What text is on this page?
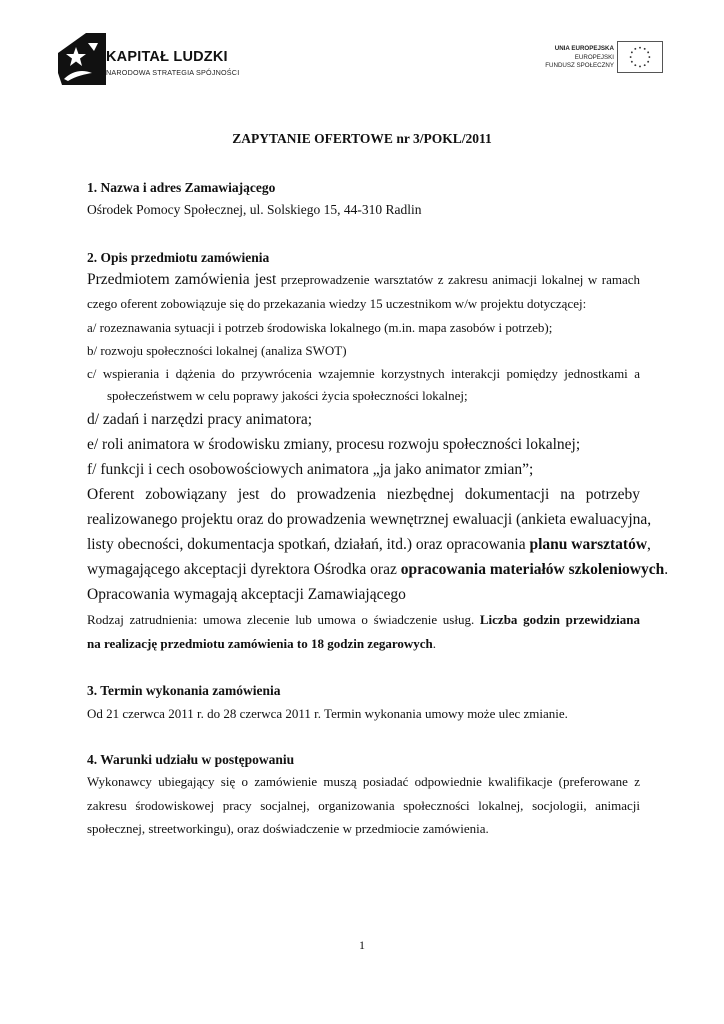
KAPITAŁ LUDZKI
NARODOWA STRATEGIA SPÓJNOŚCI
UNIA EUROPEJSKA
EUROPEJSKI
FUNDUSZ SPOŁECZNY
ZAPYTANIE OFERTOWE nr 3/POKL/2011
1. Nazwa i adres Zamawiającego
Ośrodek Pomocy Społecznej, ul. Solskiego 15, 44-310 Radlin
2. Opis przedmiotu zamówienia
Przedmiotem zamówienia jest przeprowadzenie warsztatów z zakresu animacji lokalnej w ramach
czego oferent zobowiązuje się do przekazania wiedzy 15 uczestnikom w/w projektu dotyczącej:
a/ rozeznawania sytuacji i potrzeb środowiska lokalnego (m.in. mapa zasobów i potrzeb);
b/ rozwoju społeczności lokalnej (analiza SWOT)
c/ wspierania i dążenia do przywrócenia wzajemnie korzystnych interakcji pomiędzy jednostkami a
społeczeństwem w celu poprawy jakości życia społeczności lokalnej;
d/ zadań i narzędzi pracy animatora;
e/ roli animatora w środowisku zmiany, procesu rozwoju społeczności lokalnej;
f/ funkcji i cech osobowościowych animatora „ja jako animator zmian”;
Oferent zobowiązany jest do prowadzenia niezbędnej dokumentacji na potrzeby
realizowanego projektu oraz do prowadzenia wewnętrznej ewaluacji (ankieta ewaluacyjna,
listy obecności, dokumentacja spotkań, działań, itd.) oraz opracowania planu warsztatów,
wymagającego akceptacji dyrektora Ośrodka oraz opracowania materiałów szkoleniowych.
Opracowania wymagają akceptacji Zamawiającego
Rodzaj zatrudnienia: umowa zlecenie lub umowa o świadczenie usług. Liczba godzin przewidziana
na realizację przedmiotu zamówienia to 18 godzin zegarowych.
3. Termin wykonania zamówienia
Od 21 czerwca 2011 r. do 28 czerwca 2011 r. Termin wykonania umowy może ulec zmianie.
4. Warunki udziału w postępowaniu
Wykonawcy ubiegający się o zamówienie muszą posiadać odpowiednie kwalifikacje (preferowane z
zakresu środowiskowej pracy socjalnej, organizowania społeczności lokalnej, socjologii, animacji
społecznej, streetworkingu), oraz doświadczenie w przedmiocie zamówienia.
1
